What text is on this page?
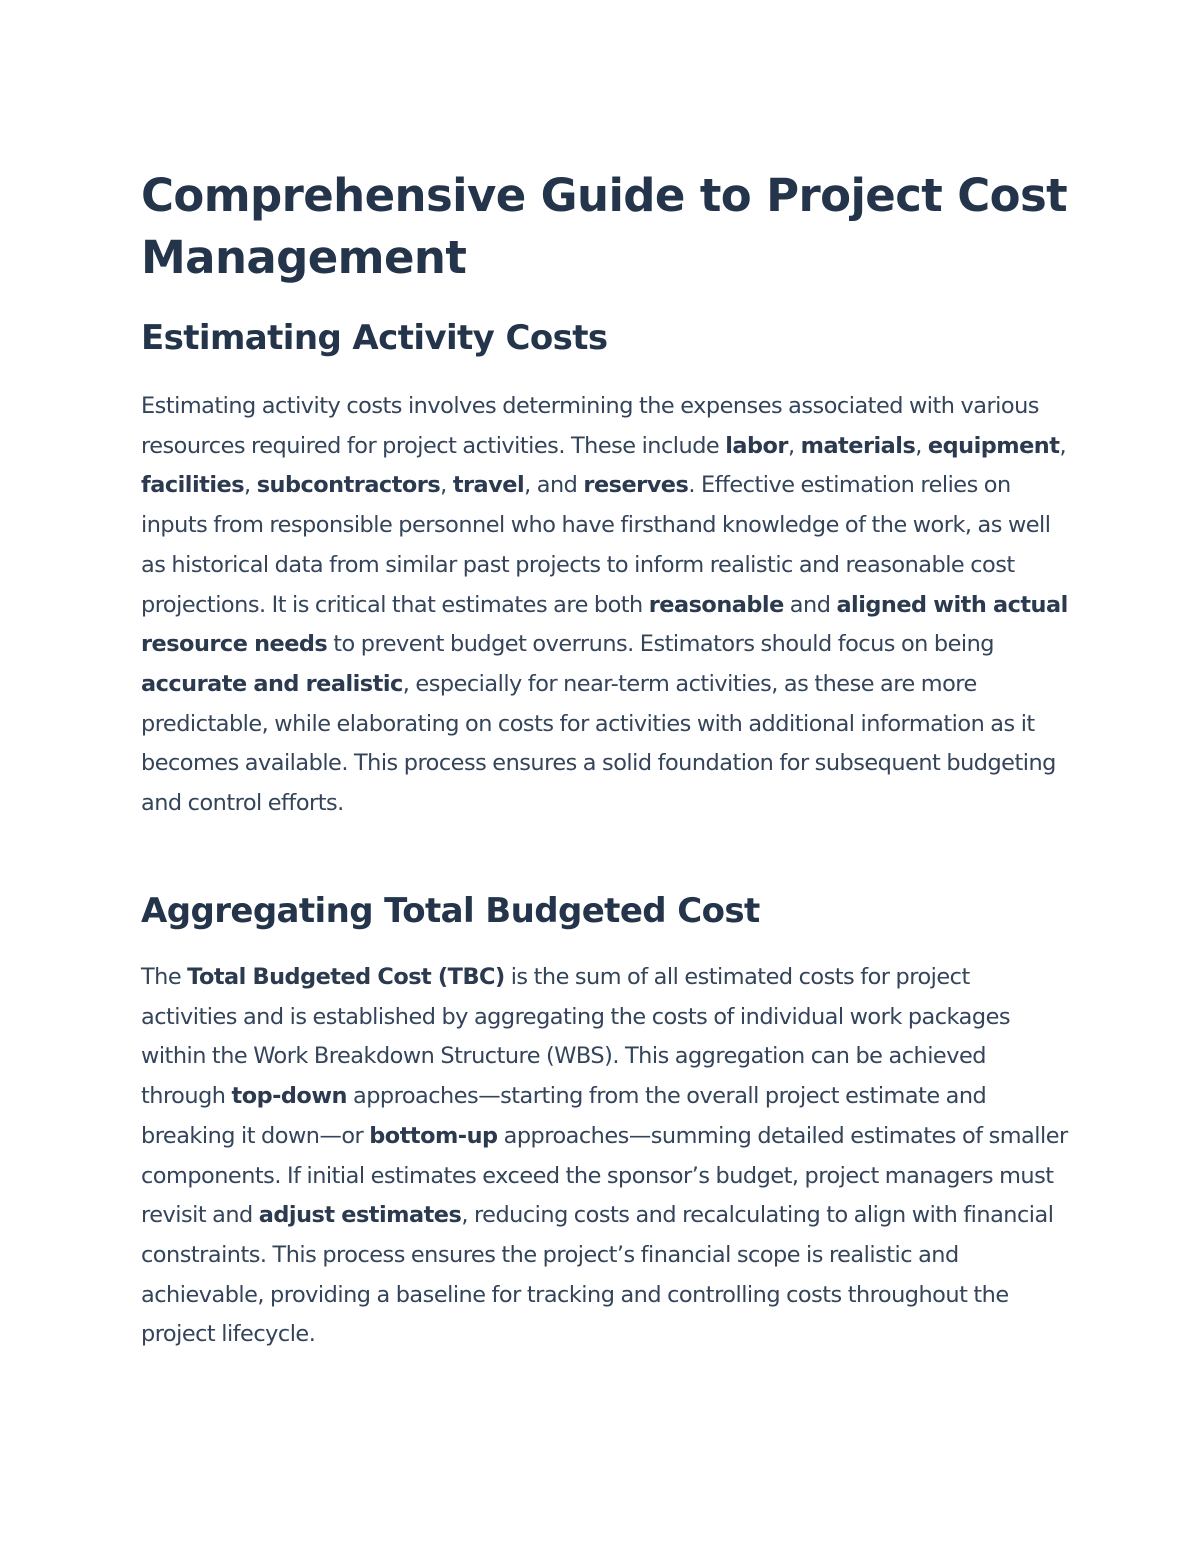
Comprehensive Guide to Project Cost Management
Estimating Activity Costs

Estimating activity costs involves determining the expenses associated with various resources required for project activities. These include labor, materials, equipment, facilities, subcontractors, travel, and reserves. Effective estimation relies on inputs from responsible personnel who have firsthand knowledge of the work, as well as historical data from similar past projects to inform realistic and reasonable cost projections. It is critical that estimates are both reasonable and aligned with actual resource needs to prevent budget overruns. Estimators should focus on being accurate and realistic, especially for near-term activities, as these are more predictable, while elaborating on costs for activities with additional information as it becomes available. This process ensures a solid foundation for subsequent budgeting and control efforts.

Aggregating Total Budgeted Cost

The Total Budgeted Cost (TBC) is the sum of all estimated costs for project activities and is established by aggregating the costs of individual work packages within the Work Breakdown Structure (WBS). This aggregation can be achieved through top-down approaches—starting from the overall project estimate and breaking it down—or bottom-up approaches—summing detailed estimates of smaller components. If initial estimates exceed the sponsor’s budget, project managers must revisit and adjust estimates, reducing costs and recalculating to align with financial constraints. This process ensures the project’s financial scope is realistic and achievable, providing a baseline for tracking and controlling costs throughout the project lifecycle.
